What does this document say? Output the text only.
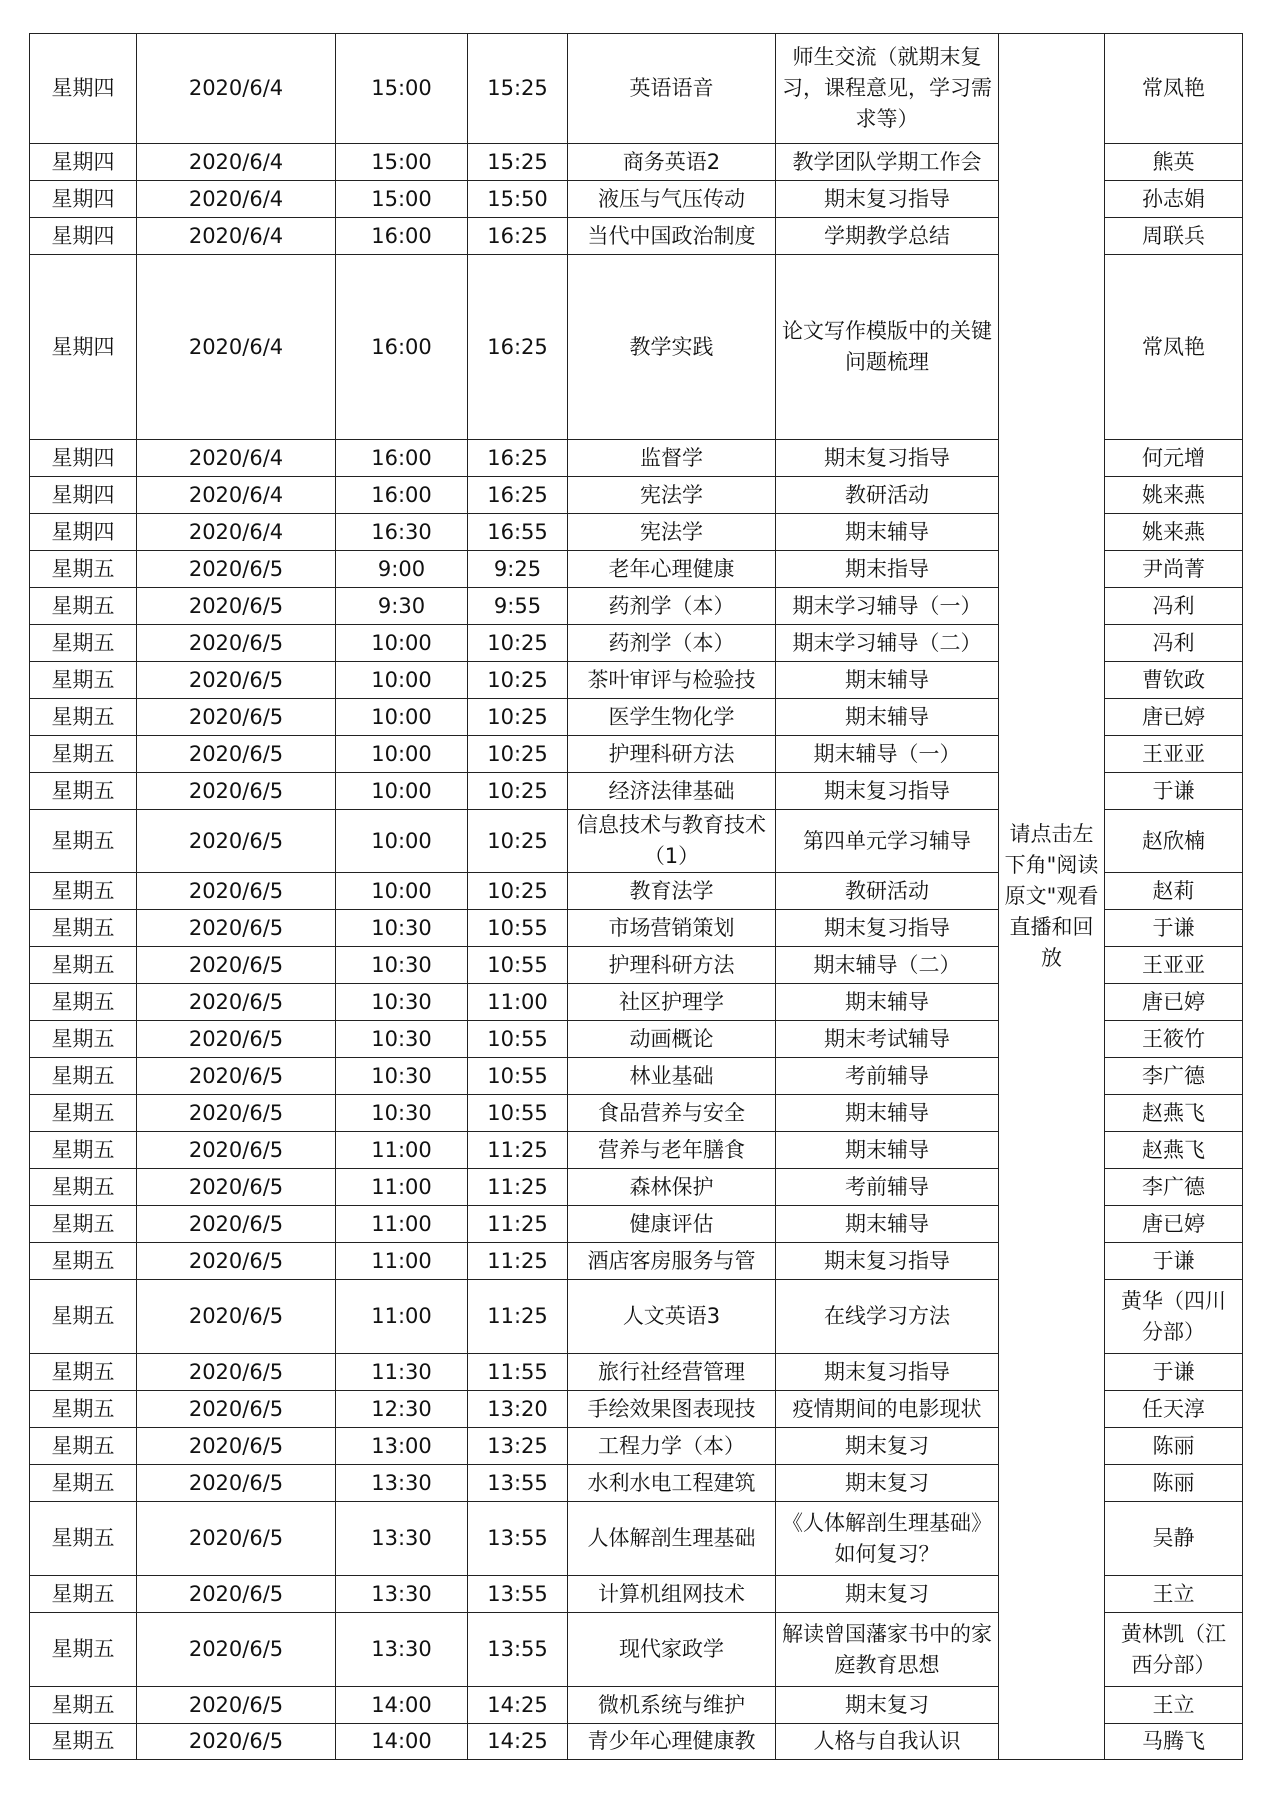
星期四	2020/6/4	15:00	15:25	英语语音	师生交流（就期末复习，课程意见，学习需求等）	请点击左下角"阅读原文"观看直播和回放	常凤艳
星期四	2020/6/4	15:00	15:25	商务英语2	教学团队学期工作会		熊英
星期四	2020/6/4	15:00	15:50	液压与气压传动	期末复习指导		孙志娟
星期四	2020/6/4	16:00	16:25	当代中国政治制度	学期教学总结		周联兵
星期四	2020/6/4	16:00	16:25	教学实践	论文写作模版中的关键问题梳理		常凤艳
星期四	2020/6/4	16:00	16:25	监督学	期末复习指导		何元增
星期四	2020/6/4	16:00	16:25	宪法学	教研活动		姚来燕
星期四	2020/6/4	16:30	16:55	宪法学	期末辅导		姚来燕
星期五	2020/6/5	9:00	9:25	老年心理健康	期末指导		尹尚菁
星期五	2020/6/5	9:30	9:55	药剂学（本）	期末学习辅导（一）		冯利
星期五	2020/6/5	10:00	10:25	药剂学（本）	期末学习辅导（二）		冯利
星期五	2020/6/5	10:00	10:25	茶叶审评与检验技	期末辅导		曹钦政
星期五	2020/6/5	10:00	10:25	医学生物化学	期末辅导		唐已婷
星期五	2020/6/5	10:00	10:25	护理科研方法	期末辅导（一）		王亚亚
星期五	2020/6/5	10:00	10:25	经济法律基础	期末复习指导		于谦
星期五	2020/6/5	10:00	10:25	信息技术与教育技术（1）	第四单元学习辅导		赵欣楠
星期五	2020/6/5	10:00	10:25	教育法学	教研活动		赵莉
星期五	2020/6/5	10:30	10:55	市场营销策划	期末复习指导		于谦
星期五	2020/6/5	10:30	10:55	护理科研方法	期末辅导（二）		王亚亚
星期五	2020/6/5	10:30	11:00	社区护理学	期末辅导		唐已婷
星期五	2020/6/5	10:30	10:55	动画概论	期末考试辅导		王筱竹
星期五	2020/6/5	10:30	10:55	林业基础	考前辅导		李广德
星期五	2020/6/5	10:30	10:55	食品营养与安全	期末辅导		赵燕飞
星期五	2020/6/5	11:00	11:25	营养与老年膳食	期末辅导		赵燕飞
星期五	2020/6/5	11:00	11:25	森林保护	考前辅导		李广德
星期五	2020/6/5	11:00	11:25	健康评估	期末辅导		唐已婷
星期五	2020/6/5	11:00	11:25	酒店客房服务与管	期末复习指导		于谦
星期五	2020/6/5	11:00	11:25	人文英语3	在线学习方法		黄华（四川分部）
星期五	2020/6/5	11:30	11:55	旅行社经营管理	期末复习指导		于谦
星期五	2020/6/5	12:30	13:20	手绘效果图表现技	疫情期间的电影现状		任天淳
星期五	2020/6/5	13:00	13:25	工程力学（本）	期末复习		陈丽
星期五	2020/6/5	13:30	13:55	水利水电工程建筑	期末复习		陈丽
星期五	2020/6/5	13:30	13:55	人体解剖生理基础	《人体解剖生理基础》如何复习？		吴静
星期五	2020/6/5	13:30	13:55	计算机组网技术	期末复习		王立
星期五	2020/6/5	13:30	13:55	现代家政学	解读曾国藩家书中的家庭教育思想		黄林凯（江西分部）
星期五	2020/6/5	14:00	14:25	微机系统与维护	期末复习		王立
星期五	2020/6/5	14:00	14:25	青少年心理健康教	人格与自我认识		马腾飞
